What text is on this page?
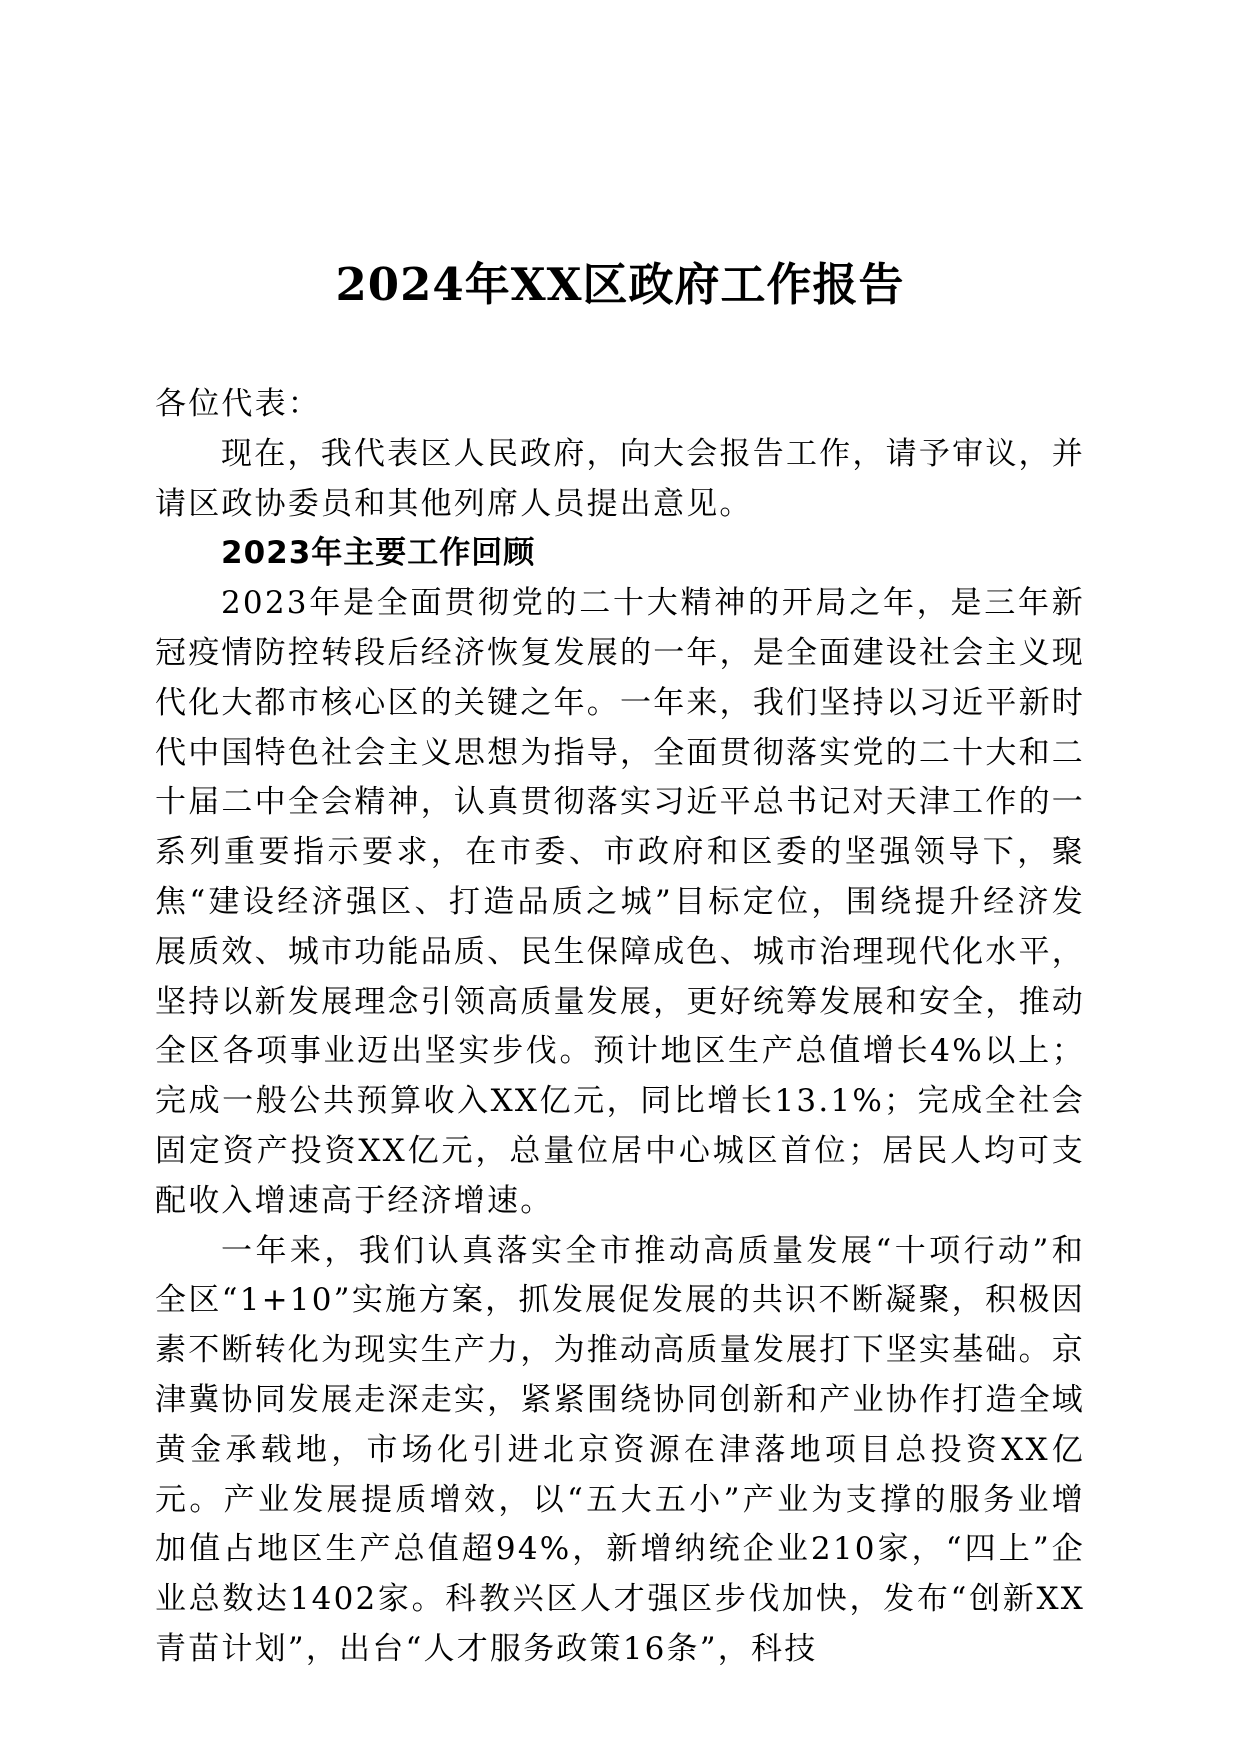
2024年XX区政府工作报告

各位代表：

现在，我代表区人民政府，向大会报告工作，请予审议，并请区政协委员和其他列席人员提出意见。

2023年主要工作回顾

2023年是全面贯彻党的二十大精神的开局之年，是三年新冠疫情防控转段后经济恢复发展的一年，是全面建设社会主义现代化大都市核心区的关键之年。一年来，我们坚持以习近平新时代中国特色社会主义思想为指导，全面贯彻落实党的二十大和二十届二中全会精神，认真贯彻落实习近平总书记对天津工作的一系列重要指示要求，在市委、市政府和区委的坚强领导下，聚焦“建设经济强区、打造品质之城”目标定位，围绕提升经济发展质效、城市功能品质、民生保障成色、城市治理现代化水平，坚持以新发展理念引领高质量发展，更好统筹发展和安全，推动全区各项事业迈出坚实步伐。预计地区生产总值增长4%以上；完成一般公共预算收入XX亿元，同比增长13.1%；完成全社会固定资产投资XX亿元，总量位居中心城区首位；居民人均可支配收入增速高于经济增速。

一年来，我们认真落实全市推动高质量发展“十项行动”和全区“1+10”实施方案，抓发展促发展的共识不断凝聚，积极因素不断转化为现实生产力，为推动高质量发展打下坚实基础。京津冀协同发展走深走实，紧紧围绕协同创新和产业协作打造全域黄金承载地，市场化引进北京资源在津落地项目总投资XX亿元。产业发展提质增效，以“五大五小”产业为支撑的服务业增加值占地区生产总值超94%，新增纳统企业210家，“四上”企业总数达1402家。科教兴区人才强区步伐加快，发布“创新XX青苗计划”，出台“人才服务政策16条”，科技
